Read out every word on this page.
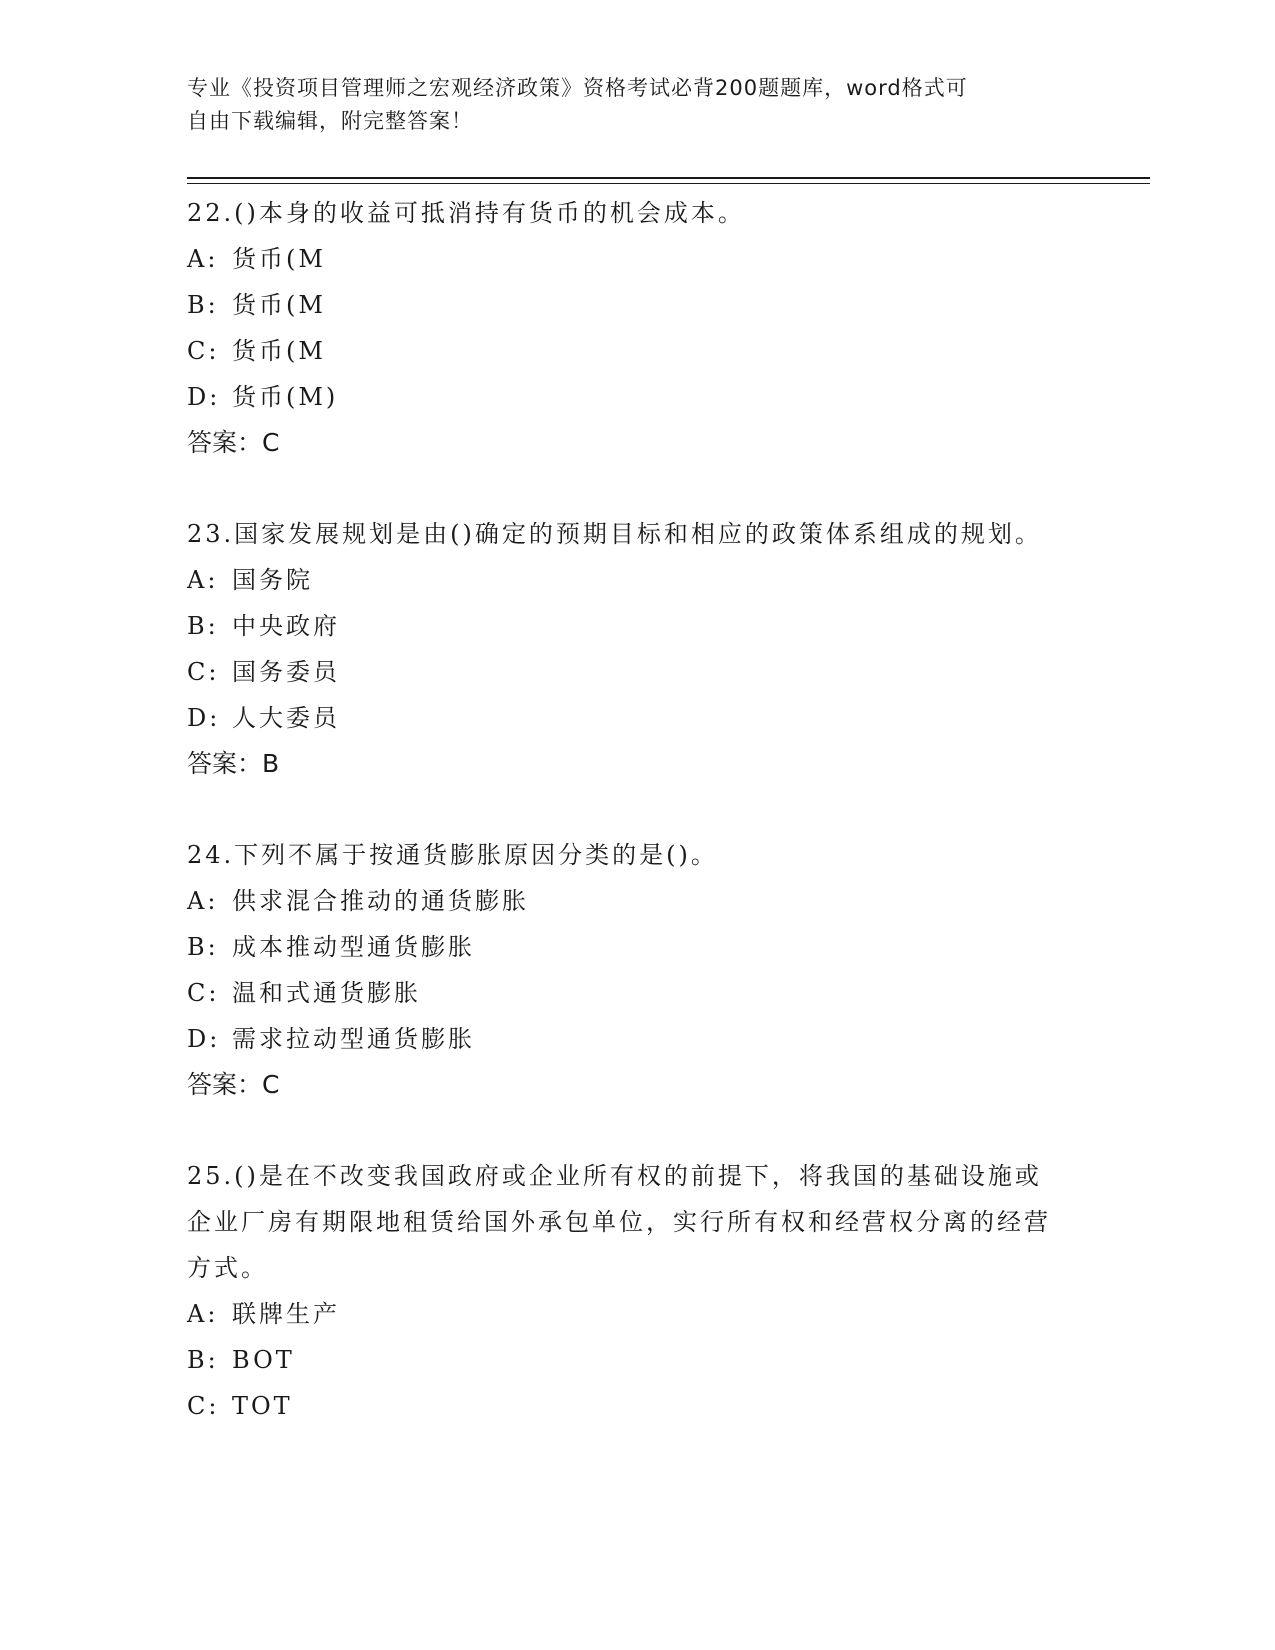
专业《投资项目管理师之宏观经济政策》资格考试必背200题题库，word格式可
自由下载编辑，附完整答案！
22.()本身的收益可抵消持有货币的机会成本。
A: 货币(M
B: 货币(M
C: 货币(M
D: 货币(M)
答案：C
23.国家发展规划是由()确定的预期目标和相应的政策体系组成的规划。
A: 国务院
B: 中央政府
C: 国务委员
D: 人大委员
答案：B
24.下列不属于按通货膨胀原因分类的是()。
A: 供求混合推动的通货膨胀
B: 成本推动型通货膨胀
C: 温和式通货膨胀
D: 需求拉动型通货膨胀
答案：C
25.()是在不改变我国政府或企业所有权的前提下，将我国的基础设施或企业厂房有期限地租赁给国外承包单位，实行所有权和经营权分离的经营方式。
A: 联牌生产
B: BOT
C: TOT
